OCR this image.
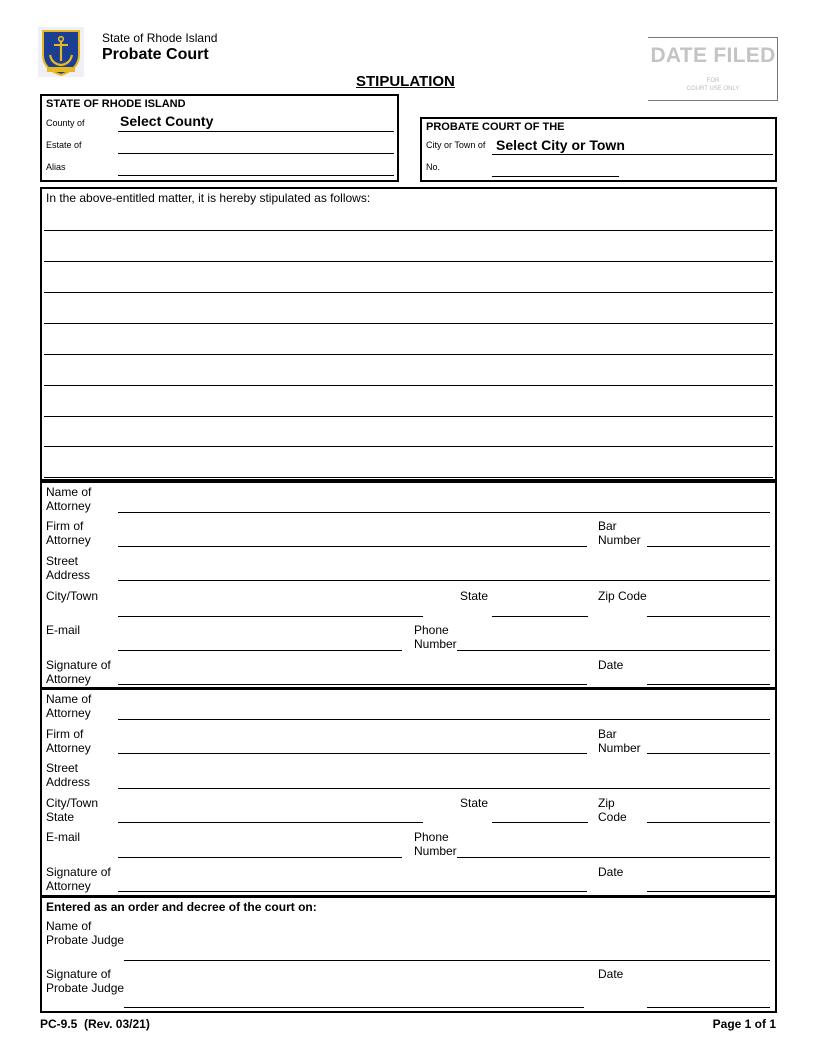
State of Rhode Island
Probate Court
STIPULATION
DATE FILED
FOR
COURT USE ONLY
STATE OF RHODE ISLAND
County of	Select County
Estate of
Alias
PROBATE COURT OF THE
City or Town of Select City or Town
No.
In the above-entitled matter, it is hereby stipulated as follows:
Name of
Attorney
Firm of
Attorney
Bar
Number
Street
Address
City/Town	State	Zip Code
E-mail	Phone
Number
Signature of
Attorney
Date
Name of
Attorney
Firm of
Attorney
Bar
Number
Street
Address
City/Town
State
State	Zip
Code
E-mail	Phone
Number
Signature of
Attorney
Date
Entered as an order and decree of the court on:
Name of
Probate Judge
Signature of
Probate Judge
Date
PC-9.5  (Rev. 03/21)	Page 1 of 1
